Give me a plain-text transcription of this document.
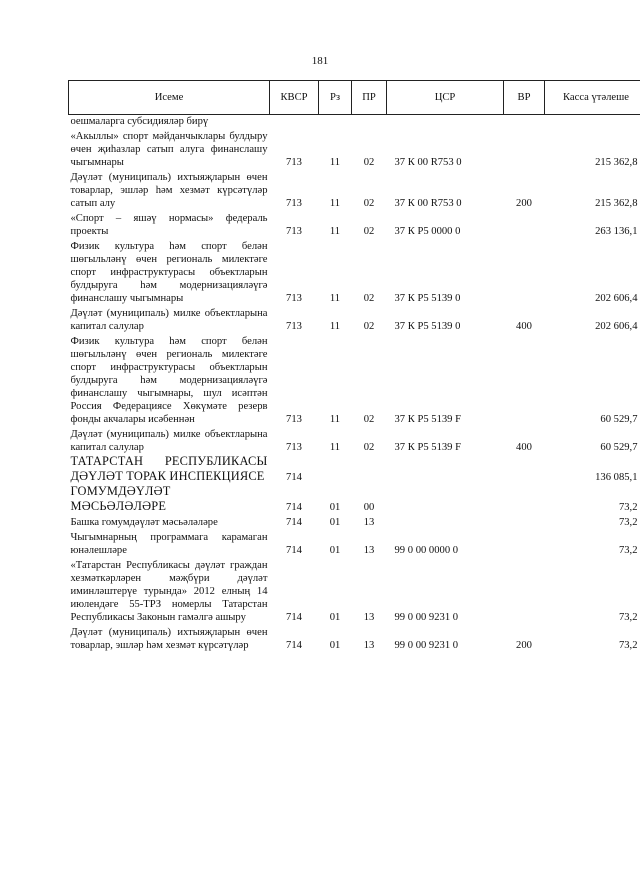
181
Исеме	КВСР	Рз	ПР	ЦСР	ВР	Касса үтәлеше
оешмаларга субсидияләр бирү						
«Акыллы» спорт мәйданчыклары булдыру өчен җиһазлар сатып алуга финанслашу чыгымнары	713	11	02	37 К 00 R753 0		215 362,8
Дәүләт (муниципаль) ихтыяҗларын өчен товарлар, эшләр һәм хезмәт күрсәтүләр сатып алу	713	11	02	37 К 00 R753 0	200	215 362,8
«Спорт – яшәү нормасы» федераль проекты	713	11	02	37 К Р5 0000 0		263 136,1
Физик культура һәм спорт белән шөгыльләнү өчен региональ милектәге спорт инфраструктурасы объектларын булдыруга һәм модернизацияләүгә финанслашу чыгымнары	713	11	02	37 К Р5 5139 0		202 606,4
Дәүләт (муниципаль) милке объектларына капитал салулар	713	11	02	37 К Р5 5139 0	400	202 606,4
Физик культура һәм спорт белән шөгыльләнү өчен региональ милектәге спорт инфраструктурасы объектларын булдыруга һәм модернизацияләүгә финанслашу чыгымнары, шул исәптән Россия Федерациясе Хөкүмәте резерв фонды акчалары исәбеннән	713	11	02	37 К Р5 5139 F		60 529,7
Дәүләт (муниципаль) милке объектларына капитал салулар	713	11	02	37 К Р5 5139 F	400	60 529,7
ТАТАРСТАН РЕСПУБЛИКАСЫ ДӘҮЛӘТ ТОРАК ИНСПЕКЦИЯСЕ	714					136 085,1
ГОМУМДӘҮЛӘТ МӘСЬӘЛӘЛӘРЕ	714	01	00			73,2
Башка гомумдәүләт мәсьәләләре	714	01	13			73,2
Чыгымнарның программага карамаган юнәлешләре	714	01	13	99 0 00 0000 0		73,2
«Татарстан Республикасы дәүләт граждан хезмәткәрләрен мәҗбүри дәүләт иминләштерүе турында» 2012 елның 14 июлендәге 55-ТРЗ номерлы Татарстан Республикасы Законын гамәлгә ашыру	714	01	13	99 0 00 9231 0		73,2
Дәүләт (муниципаль) ихтыяҗларын өчен товарлар, эшләр һәм хезмәт күрсәтүләр	714	01	13	99 0 00 9231 0	200	73,2
